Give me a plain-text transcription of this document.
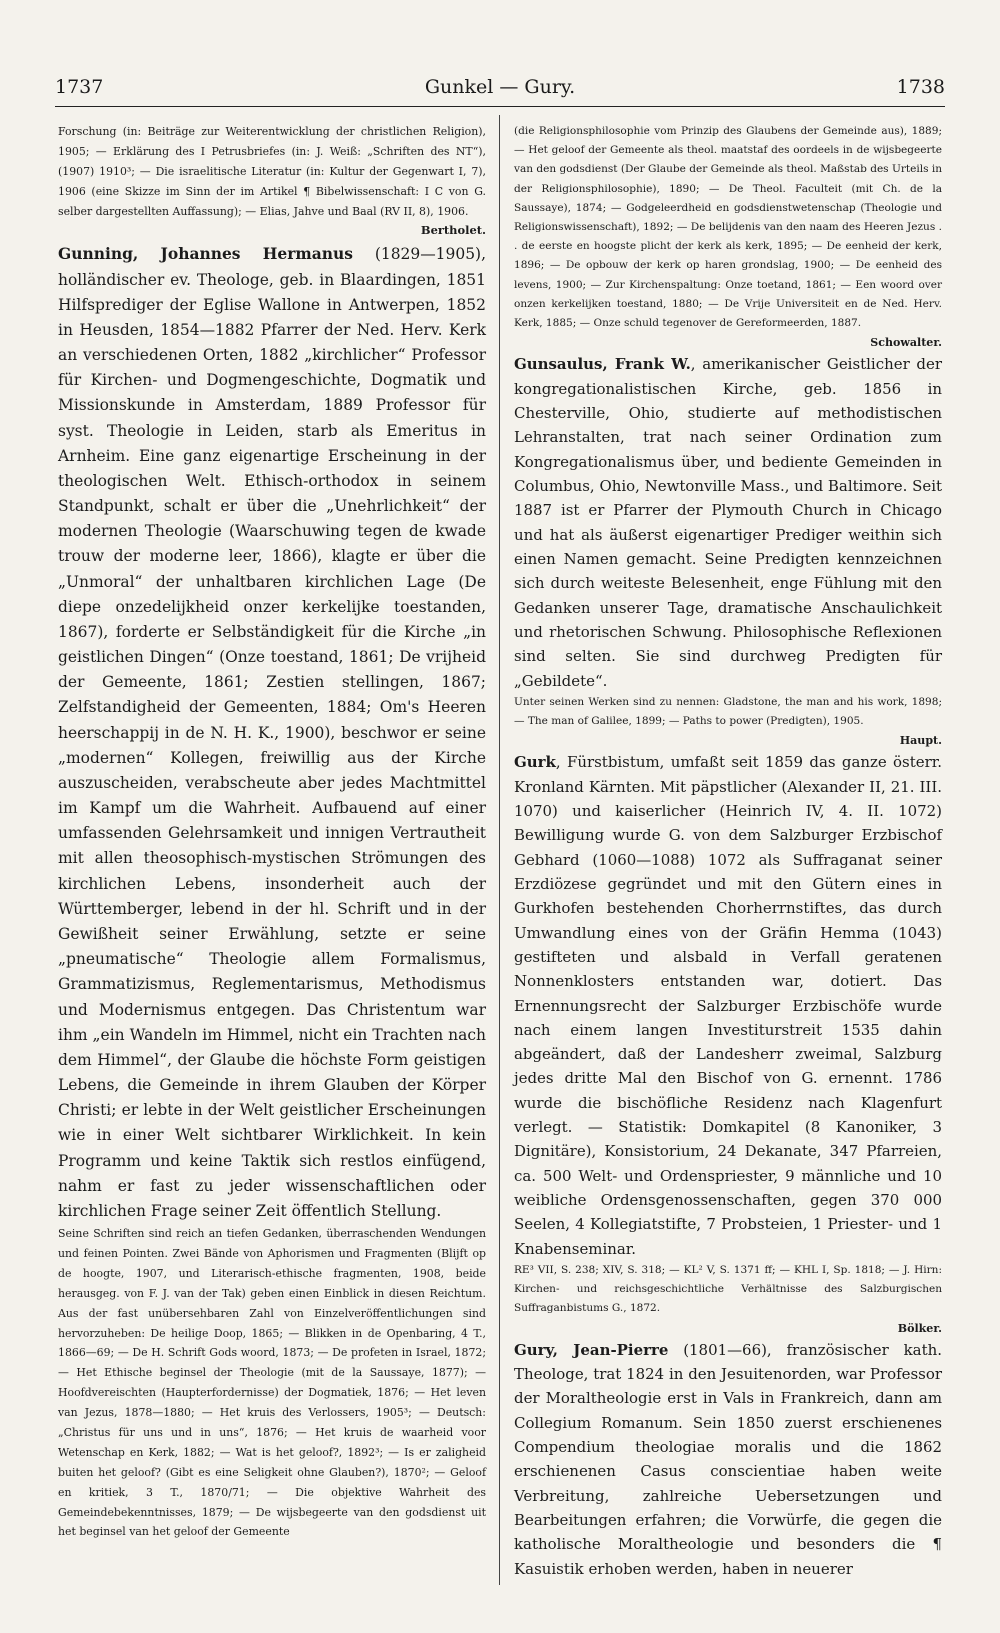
1737	Gunkel — Gury.	1738

Forschung (in: Beiträge zur Weiterentwicklung der christlichen Religion), 1905; — Erklärung des I Petrusbriefes (in: J. Weiß: „Schriften des NT“), (1907) 1910³; — Die israelitische Literatur (in: Kultur der Gegenwart I, 7), 1906 (eine Skizze im Sinn der im Artikel ¶ Bibelwissenschaft: I C von G. selber dargestellten Auffassung); — Elias, Jahve und Baal (RV II, 8), 1906.

Bertholet.

Gunning, Johannes Hermanus (1829—1905), holländischer ev. Theologe, geb. in Blaardingen, 1851 Hilfsprediger der Eglise Wallone in Antwerpen, 1852 in Heusden, 1854—1882 Pfarrer der Ned. Herv. Kerk an verschiedenen Orten, 1882 „kirchlicher“ Professor für Kirchen- und Dogmengeschichte, Dogmatik und Missionskunde in Amsterdam, 1889 Professor für syst. Theologie in Leiden, starb als Emeritus in Arnheim. Eine ganz eigenartige Erscheinung in der theologischen Welt. Ethisch-orthodox in seinem Standpunkt, schalt er über die „Unehrlichkeit“ der modernen Theologie (Waarschuwing tegen de kwade trouw der moderne leer, 1866), klagte er über die „Unmoral“ der unhaltbaren kirchlichen Lage (De diepe onzedelijkheid onzer kerkelijke toestanden, 1867), forderte er Selbständigkeit für die Kirche „in geistlichen Dingen“ (Onze toestand, 1861; De vrijheid der Gemeente, 1861; Zestien stellingen, 1867; Zelfstandigheid der Gemeenten, 1884; Om's Heeren heerschappij in de N. H. K., 1900), beschwor er seine „modernen“ Kollegen, freiwillig aus der Kirche auszuscheiden, verabscheute aber jedes Machtmittel im Kampf um die Wahrheit. Aufbauend auf einer umfassenden Gelehrsamkeit und innigen Vertrautheit mit allen theosophisch-mystischen Strömungen des kirchlichen Lebens, insonderheit auch der Württemberger, lebend in der hl. Schrift und in der Gewißheit seiner Erwählung, setzte er seine „pneumatische“ Theologie allem Formalismus, Grammatizismus, Reglementarismus, Methodismus und Modernismus entgegen. Das Christentum war ihm „ein Wandeln im Himmel, nicht ein Trachten nach dem Himmel“, der Glaube die höchste Form geistigen Lebens, die Gemeinde in ihrem Glauben der Körper Christi; er lebte in der Welt geistlicher Erscheinungen wie in einer Welt sichtbarer Wirklichkeit. In kein Programm und keine Taktik sich restlos einfügend, nahm er fast zu jeder wissenschaftlichen oder kirchlichen Frage seiner Zeit öffentlich Stellung.

Seine Schriften sind reich an tiefen Gedanken, überraschenden Wendungen und feinen Pointen. Zwei Bände von Aphorismen und Fragmenten (Blijft op de hoogte, 1907, und Literarisch-ethische fragmenten, 1908, beide herausgeg. von F. J. van der Tak) geben einen Einblick in diesen Reichtum. Aus der fast unübersehbaren Zahl von Einzelveröffentlichungen sind hervorzuheben: De heilige Doop, 1865; — Blikken in de Openbaring, 4 T., 1866—69; — De H. Schrift Gods woord, 1873; — De profeten in Israel, 1872; — Het Ethische beginsel der Theologie (mit de la Saussaye, 1877); — Hoofdvereischten (Haupterfordernisse) der Dogmatiek, 1876; — Het leven van Jezus, 1878—1880; — Het kruis des Verlossers, 1905³; — Deutsch: „Christus für uns und in uns“, 1876; — Het kruis de waarheid voor Wetenschap en Kerk, 1882; — Wat is het geloof?, 1892³; — Is er zaligheid buiten het geloof? (Gibt es eine Seligkeit ohne Glauben?), 1870²; — Geloof en kritiek, 3 T., 1870/71; — Die objektive Wahrheit des Gemeindebekenntnisses, 1879; — De wijsbegeerte van den godsdienst uit het beginsel van het geloof der Gemeente

(die Religionsphilosophie vom Prinzip des Glaubens der Gemeinde aus), 1889; — Het geloof der Gemeente als theol. maatstaf des oordeels in de wijsbegeerte van den godsdienst (Der Glaube der Gemeinde als theol. Maßstab des Urteils in der Religionsphilosophie), 1890; — De Theol. Faculteit (mit Ch. de la Saussaye), 1874; — Godgeleerdheid en godsdienstwetenschap (Theologie und Religionswissenschaft), 1892; — De belijdenis van den naam des Heeren Jezus . . de eerste en hoogste plicht der kerk als kerk, 1895; — De eenheid der kerk, 1896; — De opbouw der kerk op haren grondslag, 1900; — De eenheid des levens, 1900; — Zur Kirchenspaltung: Onze toetand, 1861; — Een woord over onzen kerkelijken toestand, 1880; — De Vrije Universiteit en de Ned. Herv. Kerk, 1885; — Onze schuld tegenover de Gereformeerden, 1887.

Schowalter.

Gunsaulus, Frank W., amerikanischer Geistlicher der kongregationalistischen Kirche, geb. 1856 in Chesterville, Ohio, studierte auf methodistischen Lehranstalten, trat nach seiner Ordination zum Kongregationalismus über, und bediente Gemeinden in Columbus, Ohio, Newtonville Mass., und Baltimore. Seit 1887 ist er Pfarrer der Plymouth Church in Chicago und hat als äußerst eigenartiger Prediger weithin sich einen Namen gemacht. Seine Predigten kennzeichnen sich durch weiteste Belesenheit, enge Fühlung mit den Gedanken unserer Tage, dramatische Anschaulichkeit und rhetorischen Schwung. Philosophische Reflexionen sind selten. Sie sind durchweg Predigten für „Gebildete“.

Unter seinen Werken sind zu nennen: Gladstone, the man and his work, 1898; — The man of Galilee, 1899; — Paths to power (Predigten), 1905.

Haupt.

Gurk, Fürstbistum, umfaßt seit 1859 das ganze österr. Kronland Kärnten. Mit päpstlicher (Alexander II, 21. III. 1070) und kaiserlicher (Heinrich IV, 4. II. 1072) Bewilligung wurde G. von dem Salzburger Erzbischof Gebhard (1060—1088) 1072 als Suffraganat seiner Erzdiözese gegründet und mit den Gütern eines in Gurkhofen bestehenden Chorherrnstiftes, das durch Umwandlung eines von der Gräfin Hemma (1043) gestifteten und alsbald in Verfall geratenen Nonnenklosters entstanden war, dotiert. Das Ernennungsrecht der Salzburger Erzbischöfe wurde nach einem langen Investiturstreit 1535 dahin abgeändert, daß der Landesherr zweimal, Salzburg jedes dritte Mal den Bischof von G. ernennt. 1786 wurde die bischöfliche Residenz nach Klagenfurt verlegt. — Statistik: Domkapitel (8 Kanoniker, 3 Dignitäre), Konsistorium, 24 Dekanate, 347 Pfarreien, ca. 500 Welt- und Ordenspriester, 9 männliche und 10 weibliche Ordensgenossenschaften, gegen 370 000 Seelen, 4 Kollegiatstifte, 7 Probsteien, 1 Priester- und 1 Knabenseminar.

RE³ VII, S. 238; XIV, S. 318; — KL² V, S. 1371 ff; — KHL I, Sp. 1818; — J. Hirn: Kirchen- und reichsgeschichtliche Verhältnisse des Salzburgischen Suffraganbistums G., 1872.

Bölker.

Gury, Jean-Pierre (1801—66), französischer kath. Theologe, trat 1824 in den Jesuitenorden, war Professor der Moraltheologie erst in Vals in Frankreich, dann am Collegium Romanum. Sein 1850 zuerst erschienenes Compendium theologiae moralis und die 1862 erschienenen Casus conscientiae haben weite Verbreitung, zahlreiche Uebersetzungen und Bearbeitungen erfahren; die Vorwürfe, die gegen die katholische Moraltheologie und besonders die ¶ Kasuistik erhoben werden, haben in neuerer
